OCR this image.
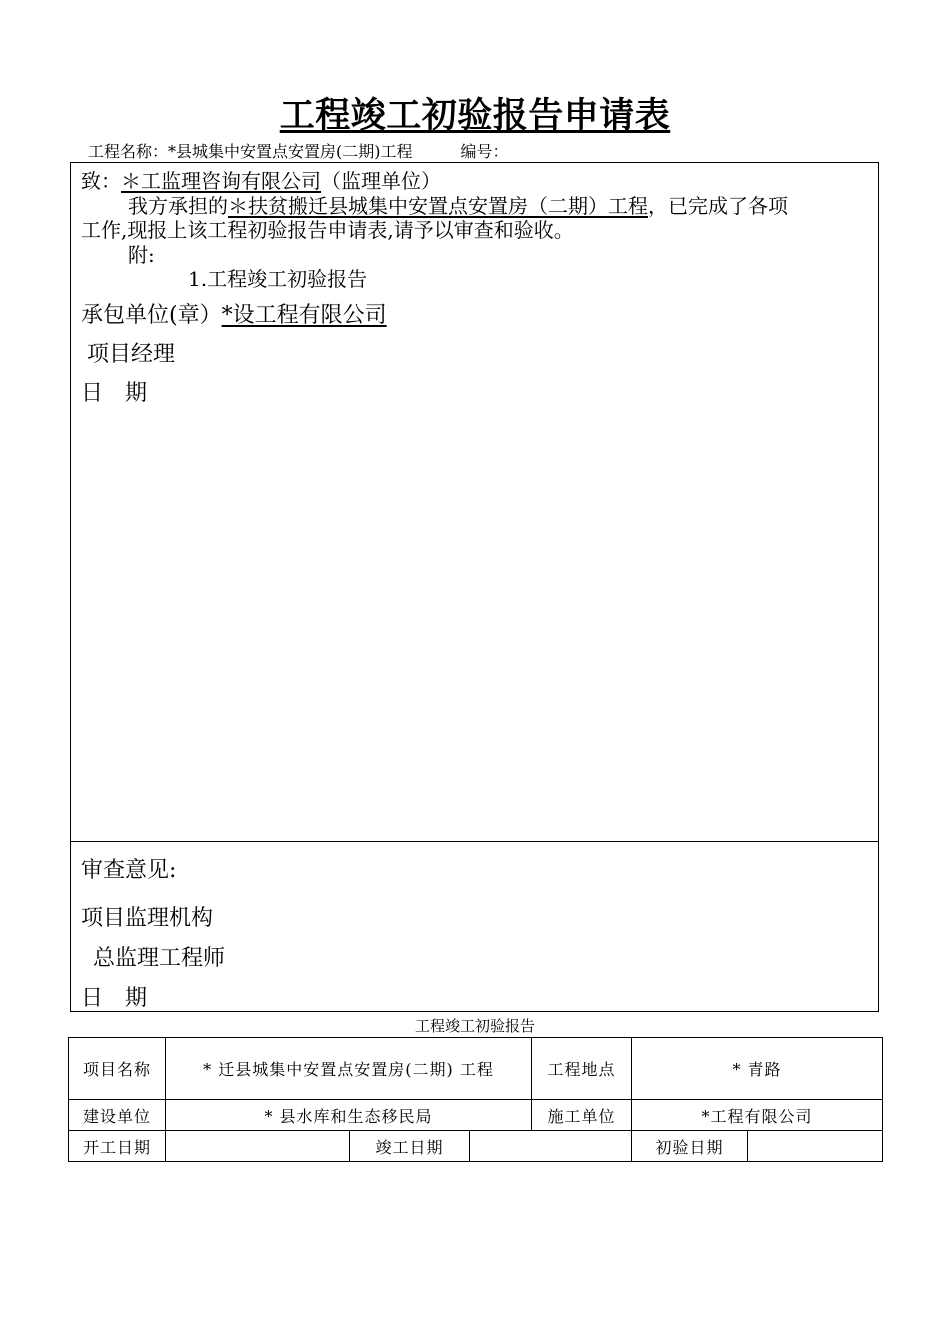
工程竣工初验报告申请表
工程名称：*县城集中安置点安置房(二期)工程	编号：
致：＊工监理咨询有限公司（监理单位）
我方承担的＊扶贫搬迁县城集中安置点安置房（二期）工程，已完成了各项
工作,现报上该工程初验报告申请表,请予以审查和验收。
附:
1.工程竣工初验报告
承包单位(章）*设工程有限公司
项目经理
日　期
审查意见:
项目监理机构
总监理工程师
日　期
工程竣工初验报告
项目名称	* 迁县城集中安置点安置房(二期) 工程			工程地点	* 青路	
建设单位	* 县水库和生态移民局			施工单位	*工程有限公司	
开工日期		竣工日期			初验日期	
